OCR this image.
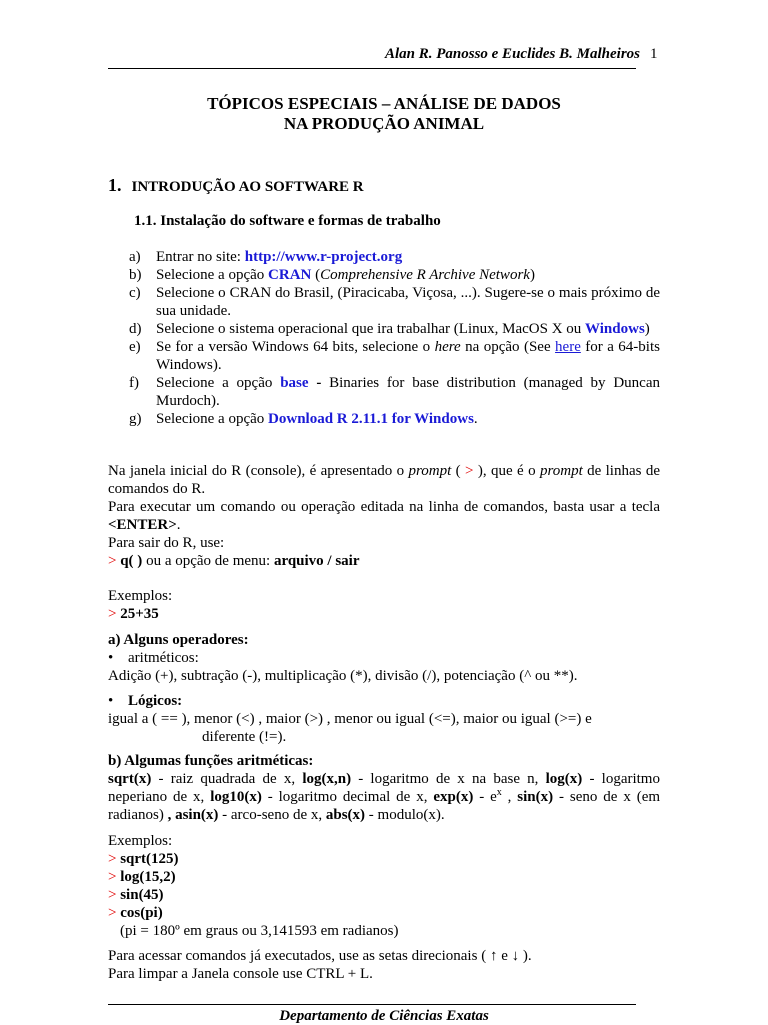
Alan R. Panosso e Euclides B. Malheiros 1
TÓPICOS ESPECIAIS – ANÁLISE DE DADOS
NA PRODUÇÃO ANIMAL
1. INTRODUÇÃO AO SOFTWARE R
1.1. Instalação do software e formas de trabalho
a) Entrar no site: http://www.r-project.org
b) Selecione a opção CRAN (Comprehensive R Archive Network)
c) Selecione o CRAN do Brasil, (Piracicaba, Viçosa, ...). Sugere-se o mais próximo de sua unidade.
d) Selecione o sistema operacional que ira trabalhar (Linux, MacOS X ou Windows)
e) Se for a versão Windows 64 bits, selecione o here na opção (See here for a 64-bits Windows).
f) Selecione a opção base - Binaries for base distribution (managed by Duncan Murdoch).
g) Selecione a opção Download R 2.11.1 for Windows.
Na janela inicial do R (console), é apresentado o prompt ( > ), que é o prompt de linhas de comandos do R.
Para executar um comando ou operação editada na linha de comandos, basta usar a tecla <ENTER>.
Para sair do R, use:
> q( ) ou a opção de menu: arquivo / sair
Exemplos:
> 25+35
a) Alguns operadores:
• aritméticos:
Adição (+), subtração (-), multiplicação (*), divisão (/), potenciação (^ ou **).
• Lógicos:
igual a ( == ), menor (<) , maior (>) , menor ou igual (<=), maior ou igual (>=) e
diferente (!=).
b) Algumas funções aritméticas:
sqrt(x) - raiz quadrada de x, log(x,n) - logaritmo de x na base n, log(x) - logaritmo neperiano de x, log10(x) - logaritmo decimal de x, $\exp(x) - e^x$ , sin(x) - seno de x (em radianos) , asin(x) - arco-seno de x, abs(x) - modulo(x).
Exemplos:
> sqrt(125)
> log(15,2)
> sin(45)
> cos(pi)
(pi = 180º em graus ou 3,141593 em radianos)
Para acessar comandos já executados, use as setas direcionais ( ↑ e ↓ ).
Para limpar a Janela console use CTRL + L.
Departamento de Ciências Exatas
